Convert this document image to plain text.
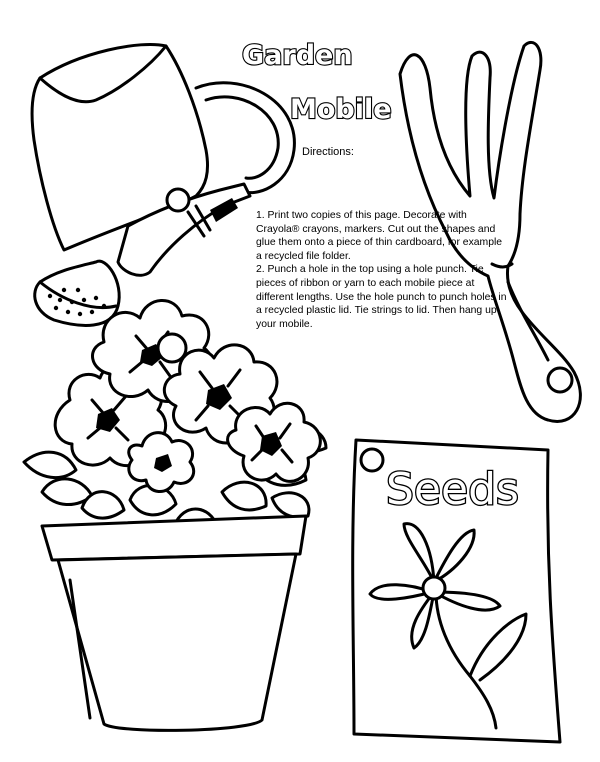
Seeds
Garden
Mobile
Directions:

1. Print two copies of this page. Decorate with Crayola® crayons, markers. Cut out the shapes and glue them onto a piece of thin cardboard, for example a recycled file folder.

2. Punch a hole in the top using a hole punch. Tie pieces of ribbon or yarn to each mobile piece at different lengths. Use the hole punch to punch holes in a recycled plastic lid. Tie strings to lid. Then hang up your mobile.
